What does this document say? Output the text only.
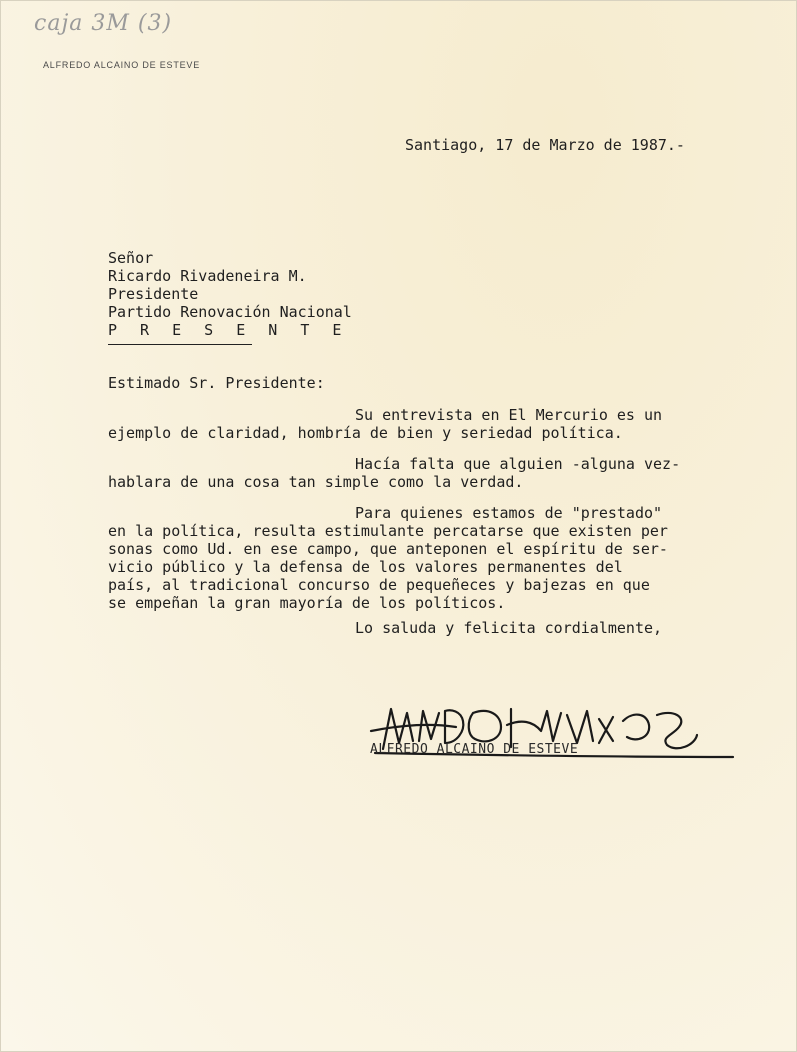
caja 3M (3)
ALFREDO ALCAINO DE ESTEVE
Santiago, 17 de Marzo de 1987.-
Señor
Ricardo Rivadeneira M.
Presidente
Partido Renovación Nacional
P R E S E N T E
Estimado Sr. Presidente:
Su entrevista en El Mercurio es un
ejemplo de claridad, hombría de bien y seriedad política.
Hacía falta que alguien -alguna vez-
hablara de una cosa tan simple como la verdad.
Para quienes estamos de "prestado"
en la política, resulta estimulante percatarse que existen per
sonas como Ud. en ese campo, que anteponen el espíritu de ser-
vicio público y la defensa de los valores permanentes del
país, al tradicional concurso de pequeñeces y bajezas en que
se empeñan la gran mayoría de los políticos.
Lo saluda y felicita cordialmente,
ALFREDO ALCAINO DE ESTEVE
